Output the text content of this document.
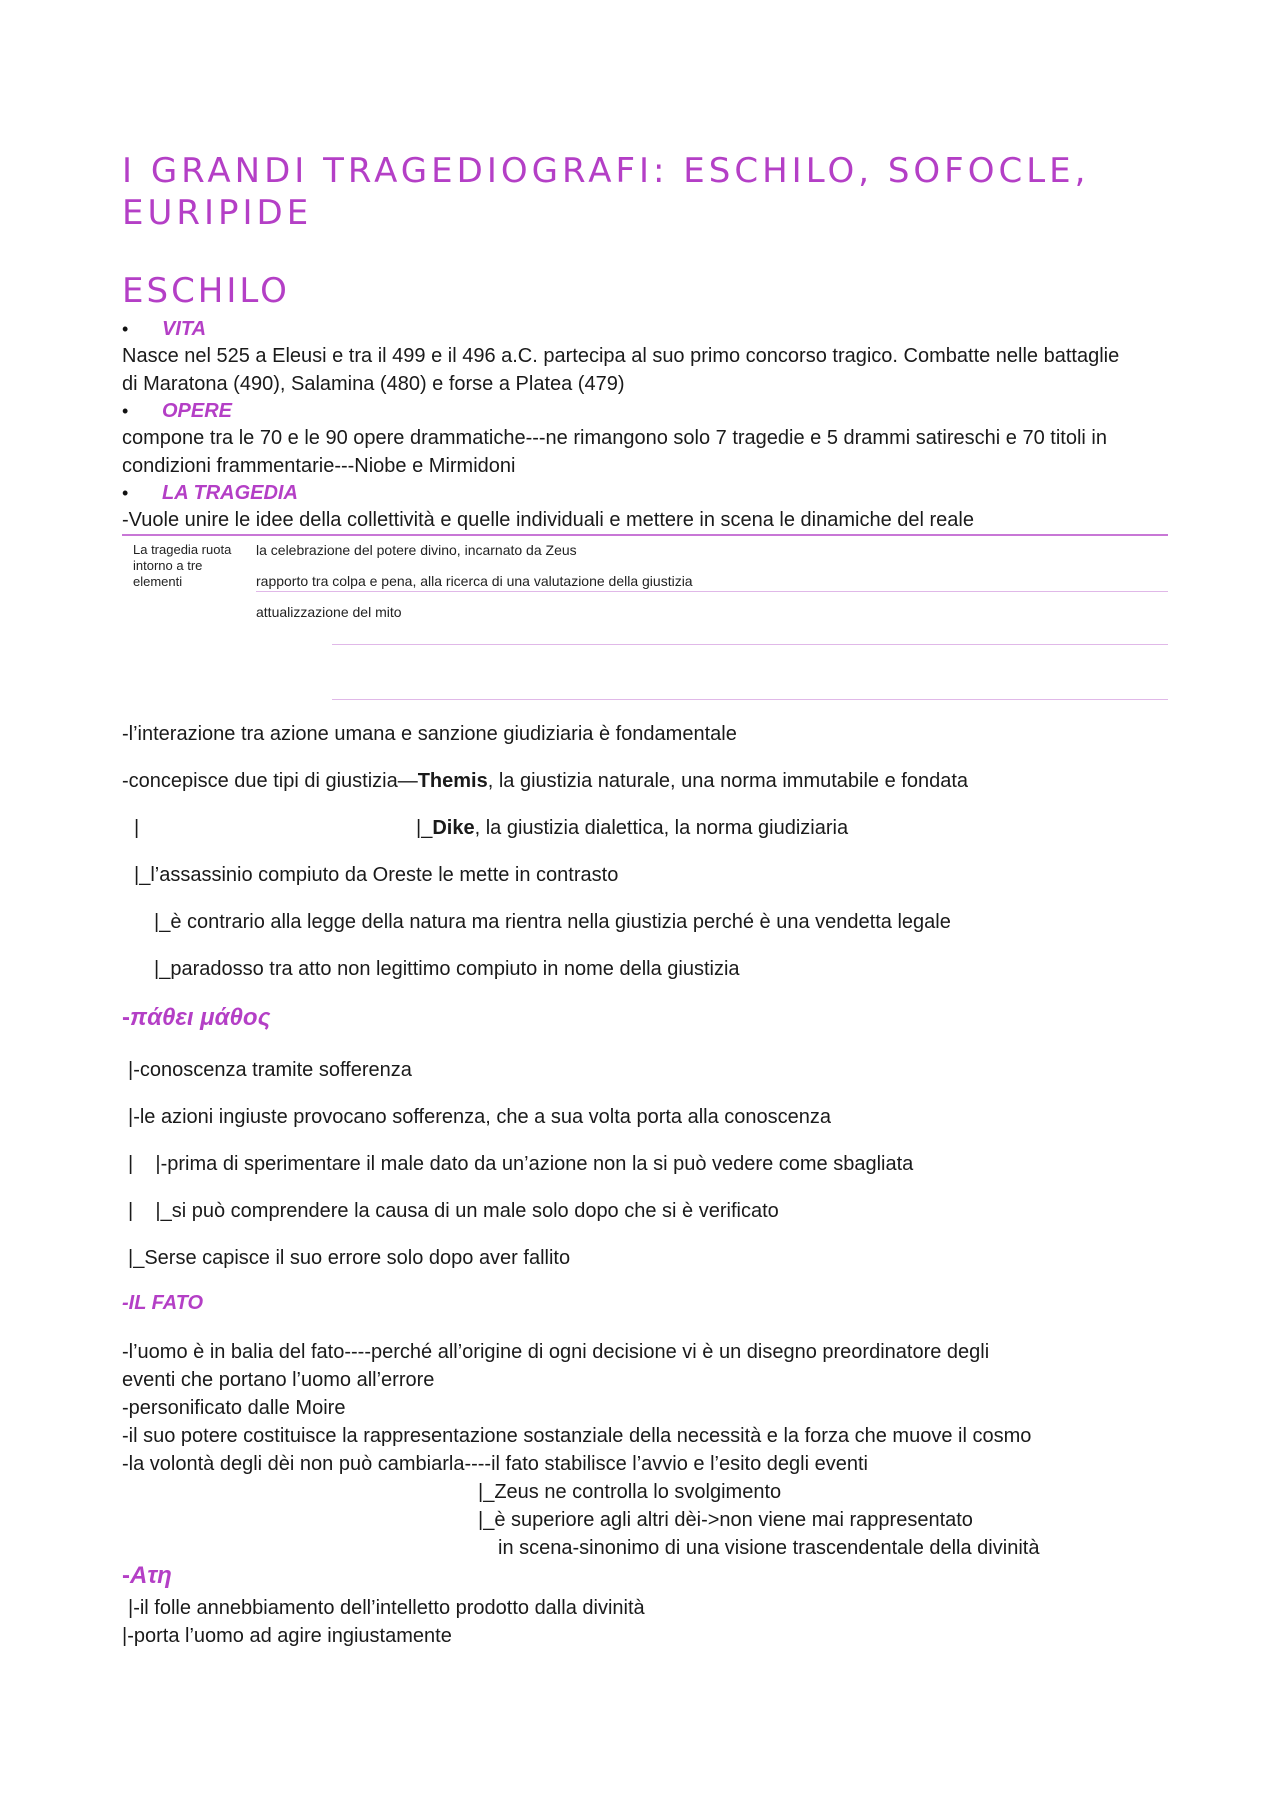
I GRANDI TRAGEDIOGRAFI: ESCHILO, SOFOCLE, EURIPIDE
ESCHILO
• VITA

Nasce nel 525 a Eleusi e tra il 499 e il 496 a.C. partecipa al suo primo concorso tragico. Combatte nelle battaglie

di Maratona (490), Salamina (480) e forse a Platea (479)

• OPERE

compone tra le 70 e le 90 opere drammatiche---ne rimangono solo 7 tragedie e 5 drammi satireschi e 70 titoli in

condizioni frammentarie---Niobe e Mirmidoni

• LA TRAGEDIA

-Vuole unire le idee della collettività e quelle individuali e mettere in scena le dinamiche del reale

La tragedia ruota intorno a tre elementi
la celebrazione del potere divino, incarnato da Zeus
rapporto tra colpa e pena, alla ricerca di una valutazione della giustizia
attualizzazione del mito

-l’interazione tra azione umana e sanzione giudiziaria è fondamentale

-concepisce due tipi di giustizia—Themis, la giustizia naturale, una norma immutabile e fondata

|	|_Dike, la giustizia dialettica, la norma giudiziaria

|_l’assassinio compiuto da Oreste le mette in contrasto

|_è contrario alla legge della natura ma rientra nella giustizia perché è una vendetta legale

|_paradosso tra atto non legittimo compiuto in nome della giustizia

-πάθει μάθος

|-conoscenza tramite sofferenza

|-le azioni ingiuste provocano sofferenza, che a sua volta porta alla conoscenza

|    |-prima di sperimentare il male dato da un’azione non la si può vedere come sbagliata

|    |_si può comprendere la causa di un male solo dopo che si è verificato

|_Serse capisce il suo errore solo dopo aver fallito

-IL FATO

-l’uomo è in balia del fato----perché all’origine di ogni decisione vi è un disegno preordinatore degli

eventi che portano l’uomo all’errore

-personificato dalle Moire

-il suo potere costituisce la rappresentazione sostanziale della necessità e la forza che muove il cosmo

-la volontà degli dèi non può cambiarla----il fato stabilisce l’avvio e l’esito degli eventi

|_Zeus ne controlla lo svolgimento

|_è superiore agli altri dèi->non viene mai rappresentato

in scena-sinonimo di una visione trascendentale della divinità

-Ατη

|-il folle annebbiamento dell’intelletto prodotto dalla divinità

|-porta l’uomo ad agire ingiustamente
